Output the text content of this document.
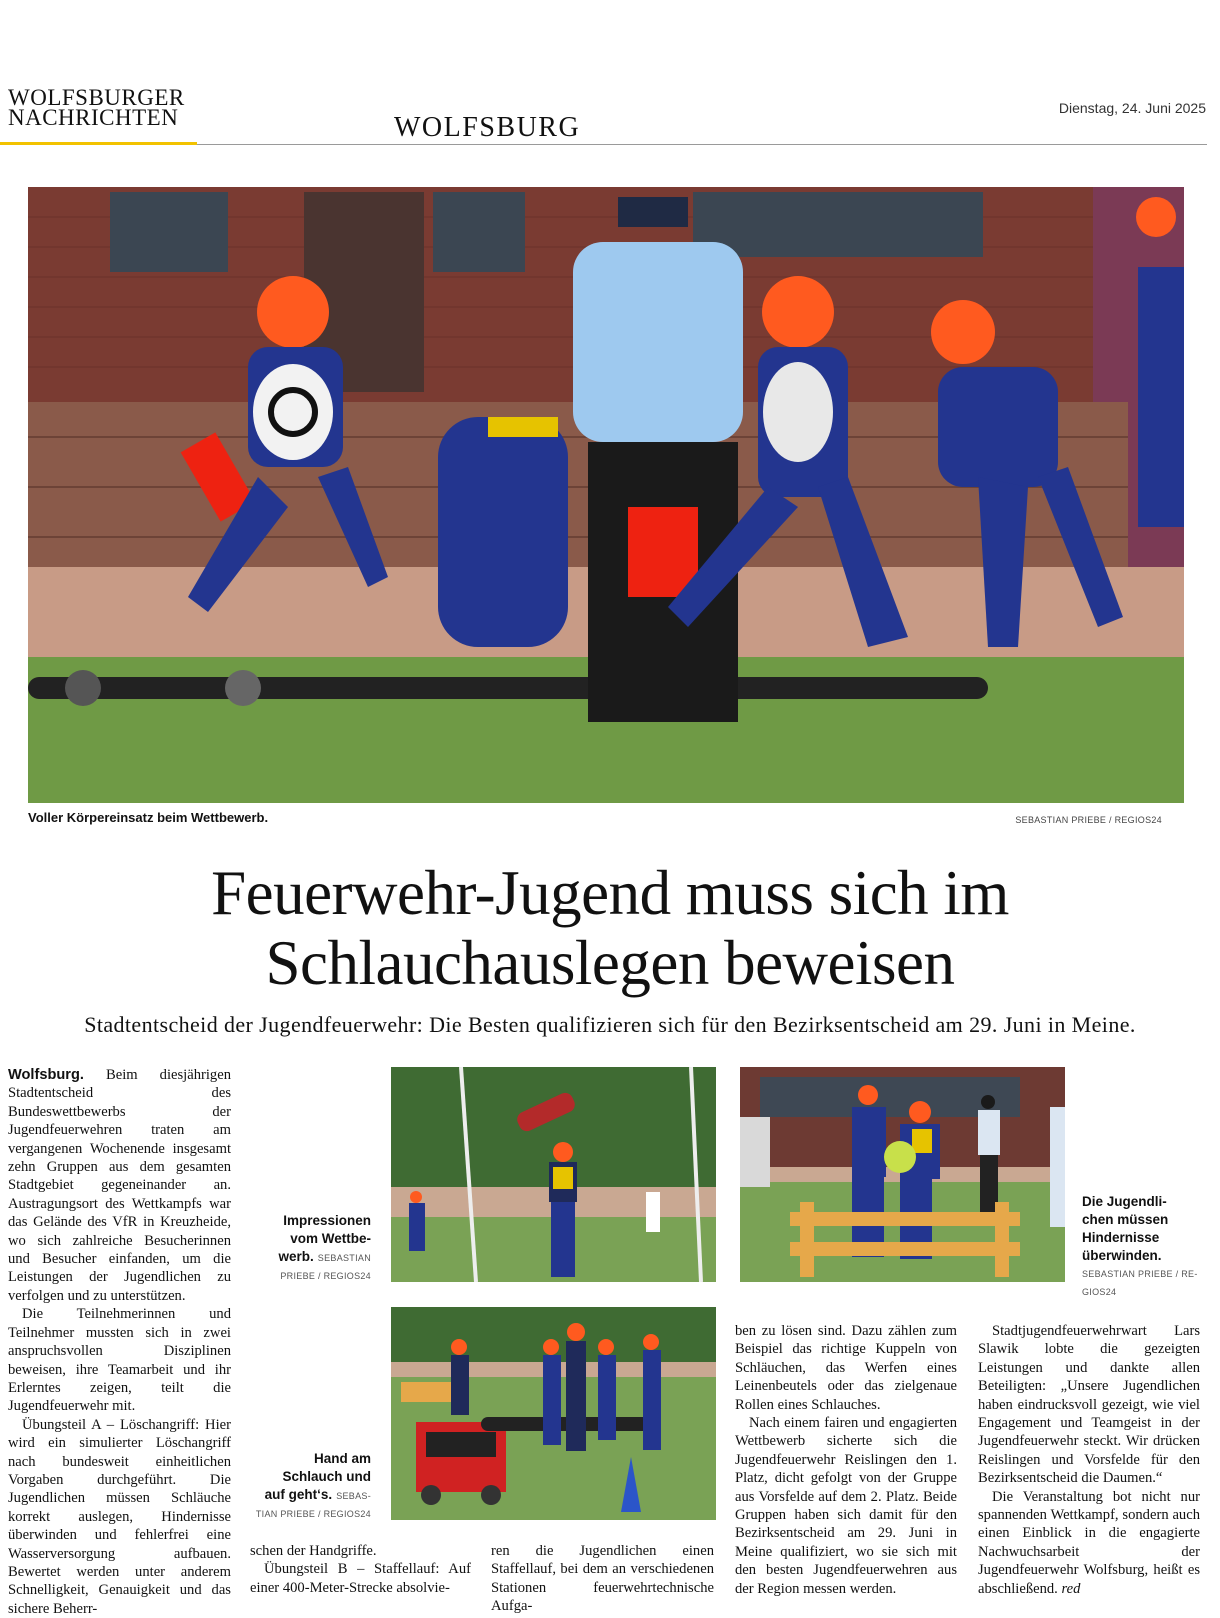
WOLFSBURGER
NACHRICHTEN	WOLFSBURG
Dienstag, 24. Juni 2025
Voller Körpereinsatz beim Wettbewerb.	SEBASTIAN PRIEBE / REGIOS24
Feuerwehr-Jugend muss sich im
Schlauchauslegen beweisen
Stadtentscheid der Jugendfeuerwehr: Die Besten qualifizieren sich für den Bezirksentscheid am 29. Juni in Meine.

Wolfsburg. Beim diesjährigen Stadtentscheid des Bundeswettbewerbs der Jugendfeuerwehren traten am vergangenen Wochenende insgesamt zehn Gruppen aus dem gesamten Stadtgebiet gegeneinander an. Austragungsort des Wettkampfs war das Gelände des VfR in Kreuzheide, wo sich zahlreiche Besucherinnen und Besucher einfanden, um die Leistungen der Jugendlichen zu verfolgen und zu unterstützen.

Die Teilnehmerinnen und Teilnehmer mussten sich in zwei anspruchsvollen Disziplinen beweisen, ihre Teamarbeit und ihr Erlerntes zeigen, teilt die Jugendfeuerwehr mit.

Übungsteil A – Löschangriff: Hier wird ein simulierter Löschangriff nach bundesweit einheitlichen Vorgaben durchgeführt. Die Jugendlichen müssen Schläuche korrekt auslegen, Hindernisse überwinden und fehlerfrei eine Wasserversorgung aufbauen. Bewertet werden unter anderem Schnelligkeit, Genauigkeit und das sichere Beherr-

Impressionen
vom Wettbe-
werb. SEBASTIAN
PRIEBE / REGIOS24
Die Jugendli-
chen müssen
Hindernisse
überwinden.
SEBASTIAN PRIEBE / RE-
GIOS24
Hand am
Schlauch und
auf geht‘s. SEBAS-
TIAN PRIEBE / REGIOS24

schen der Handgriffe.

Übungsteil B – Staffellauf: Auf einer 400-Meter-Strecke absolvie-

ren die Jugendlichen einen Staffellauf, bei dem an verschiedenen Stationen feuerwehrtechnische Aufga-

ben zu lösen sind. Dazu zählen zum Beispiel das richtige Kuppeln von Schläuchen, das Werfen eines Leinenbeutels oder das zielgenaue Rollen eines Schlauches.

Nach einem fairen und engagierten Wettbewerb sicherte sich die Jugendfeuerwehr Reislingen den 1. Platz, dicht gefolgt von der Gruppe aus Vorsfelde auf dem 2. Platz. Beide Gruppen haben sich damit für den Bezirksentscheid am 29. Juni in Meine qualifiziert, wo sie sich mit den besten Jugendfeuerwehren aus der Region messen werden.

Stadtjugendfeuerwehrwart Lars Slawik lobte die gezeigten Leistungen und dankte allen Beteiligten: „Unsere Jugendlichen haben eindrucksvoll gezeigt, wie viel Engagement und Teamgeist in der Jugendfeuerwehr steckt. Wir drücken Reislingen und Vorsfelde für den Bezirksentscheid die Daumen.“

Die Veranstaltung bot nicht nur spannenden Wettkampf, sondern auch einen Einblick in die engagierte Nachwuchsarbeit der Jugendfeuerwehr Wolfsburg, heißt es abschließend. red
